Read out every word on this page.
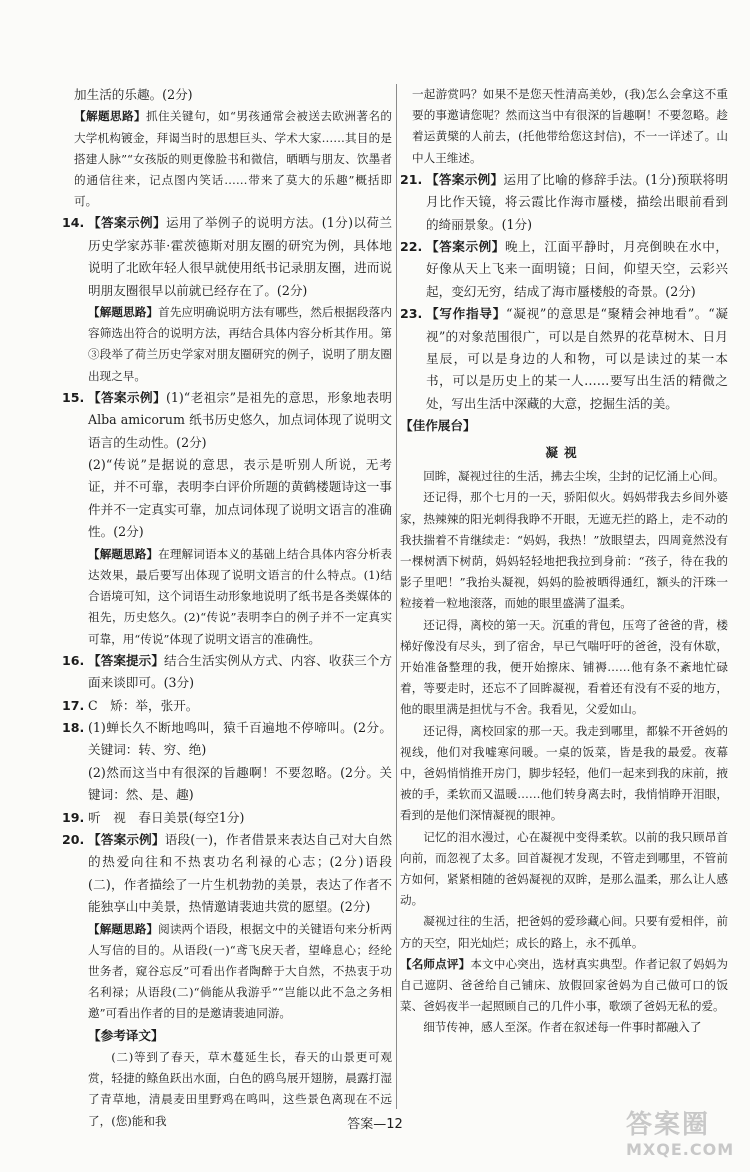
加生活的乐趣。(2分)

【解题思路】抓住关键句，如“男孩通常会被送去欧洲著名的大学机构镀金，拜谒当时的思想巨头、学术大家……其目的是搭建人脉”“女孩版的则更像脸书和微信，晒晒与朋友、饮墨者的通信往来，记点图内笑话……带来了莫大的乐趣”概括即可。

14. 【答案示例】运用了举例子的说明方法。(1分)以荷兰历史学家苏菲·霍茨德斯对朋友圈的研究为例，具体地说明了北欧年轻人很早就使用纸书记录朋友圈，进而说明朋友圈很早以前就已经存在了。(2分)

【解题思路】首先应明确说明方法有哪些，然后根据段落内容筛选出符合的说明方法，再结合具体内容分析其作用。第③段举了荷兰历史学家对朋友圈研究的例子，说明了朋友圈出现之早。

15. 【答案示例】(1)“老祖宗”是祖先的意思，形象地表明 Alba amicorum 纸书历史悠久，加点词体现了说明文语言的生动性。(2分)

(2)“传说”是据说的意思，表示是听别人所说，无考证，并不可靠，表明李白评价所题的黄鹤楼题诗这一事件并不一定真实可靠，加点词体现了说明文语言的准确性。(2分)

【解题思路】在理解词语本义的基础上结合具体内容分析表达效果，最后要写出体现了说明文语言的什么特点。(1)结合语境可知，这个词语生动形象地说明了纸书是各类媒体的祖先，历史悠久。(2)“传说”表明李白的例子并不一定真实可靠，用“传说”体现了说明文语言的准确性。

16. 【答案提示】结合生活实例从方式、内容、收获三个方面来谈即可。(3分)

17. C　矫：举，张开。

18. (1)蝉长久不断地鸣叫，猿千百遍地不停啼叫。(2分。关键词：转、穷、绝)

(2)然而这当中有很深的旨趣啊！不要忽略。(2分。关键词：然、是、趣)

19. 听　视　春日美景(每空1分)

20. 【答案示例】语段(一)，作者借景来表达自己对大自然的热爱向往和不热衷功名利禄的心志；(2分)语段(二)，作者描绘了一片生机勃勃的美景，表达了作者不能独享山中美景，热情邀请裴迪共赏的愿望。(2分)

【解题思路】阅读两个语段，根据文中的关键语句来分析两人写信的目的。从语段(一)“鸢飞戾天者，望峰息心；经纶世务者，窥谷忘反”可看出作者陶醉于大自然，不热衷于功名利禄；从语段(二)“倘能从我游乎”“岂能以此不急之务相邀”可看出作者的目的是邀请裴迪同游。

【参考译文】

(二)等到了春天，草木蔓延生长，春天的山景更可观赏，轻捷的鲦鱼跃出水面，白色的鸥鸟展开翅膀，晨露打湿了青草地，清晨麦田里野鸡在鸣叫，这些景色离现在不远了，(您)能和我

一起游赏吗？如果不是您天性清高美妙，(我)怎么会拿这不重要的事邀请您呢？然而这当中有很深的旨趣啊！不要忽略。趁着运黄檗的人前去，(托他带给您这封信)，不一一详述了。山中人王维述。

21. 【答案示例】运用了比喻的修辞手法。(1分)预联将明月比作天镜，将云霞比作海市蜃楼，描绘出眼前看到的绮丽景象。(1分)

22. 【答案示例】晚上，江面平静时，月亮倒映在水中，好像从天上飞来一面明镜；日间，仰望天空，云彩兴起，变幻无穷，结成了海市蜃楼般的奇景。(2分)

23. 【写作指导】“凝视”的意思是“聚精会神地看”。“凝视”的对象范围很广，可以是自然界的花草树木、日月星辰，可以是身边的人和物，可以是读过的某一本书，可以是历史上的某一人……要写出生活的精微之处，写出生活中深藏的大意，挖掘生活的美。

【佳作展台】

凝视

回眸，凝视过往的生活，拂去尘埃，尘封的记忆涌上心间。

还记得，那个七月的一天，骄阳似火。妈妈带我去乡间外婆家，热辣辣的阳光刺得我睁不开眼，无遮无拦的路上，走不动的我扶揣着不肯继续走：“妈妈，我热！”放眼望去，四周竟然没有一棵树洒下树荫，妈妈轻轻地把我拉到身前：“孩子，待在我的影子里吧！”我抬头凝视，妈妈的脸被晒得通红，额头的汗珠一粒接着一粒地滚落，而她的眼里盛满了温柔。

还记得，离校的第一天。沉重的背包，压弯了爸爸的背，楼梯好像没有尽头，到了宿舍，早已气喘吁吁的爸爸，没有休歇，开始准备整理的我，便开始擦床、铺褥……他有条不紊地忙碌着，等要走时，还忘不了回眸凝视，看着还有没有不妥的地方，他的眼里满是担忧与不舍。我看见，父爱如山。

还记得，离校回家的那一天。我走到哪里，都躲不开爸妈的视线，他们对我嘘寒问暖。一桌的饭菜，皆是我的最爱。夜幕中，爸妈悄悄推开房门，脚步轻轻，他们一起来到我的床前，掖被的手，柔软而又温暖……他们转身离去时，我悄悄睁开泪眼，看到的是他们深情凝视的眼神。

记忆的泪水漫过，心在凝视中变得柔软。以前的我只顾昂首向前，而忽视了太多。回首凝视才发现，不管走到哪里，不管前方如何，紧紧相随的爸妈凝视的双眸，是那么温柔，那么让人感动。

凝视过往的生活，把爸妈的爱珍藏心间。只要有爱相伴，前方的天空，阳光灿烂；成长的路上，永不孤单。

【名师点评】本文中心突出，选材真实典型。作者记叙了妈妈为自己遮阴、爸爸给自己铺床、放假回家爸妈为自己做可口的饭菜、爸妈夜半一起照顾自己的几件小事，歌颂了爸妈无私的爱。

细节传神，感人至深。作者在叙述每一件事时都融入了

答案—12	答案圈
MXQE.COM
